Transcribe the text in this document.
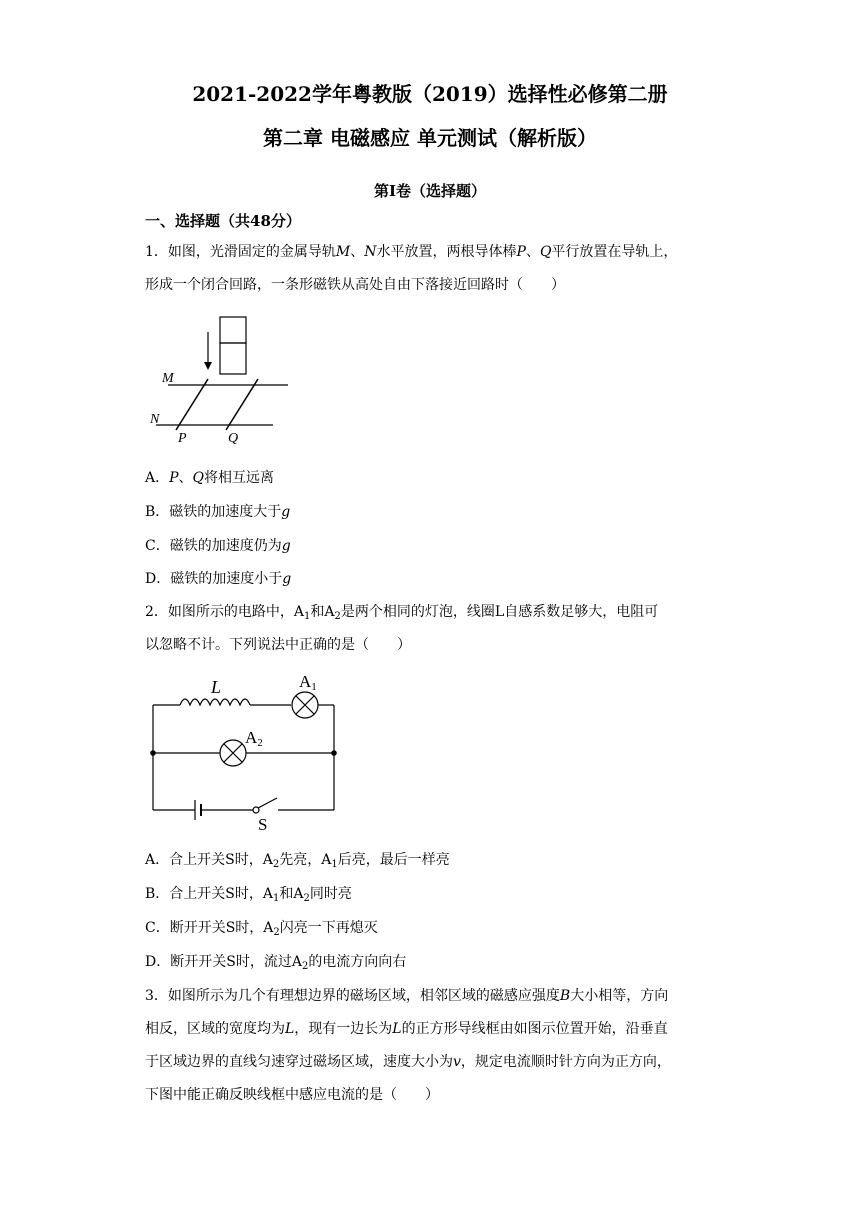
2021-2022学年粤教版（2019）选择性必修第二册
第二章 电磁感应 单元测试（解析版）
第Ⅰ卷（选择题）
一、选择题（共48分）
1．如图，光滑固定的金属导轨M、N水平放置，两根导体棒P、Q平行放置在导轨上，
形成一个闭合回路，一条形磁铁从高处自由下落接近回路时（　　）
M
N
P	Q
A．P、Q将相互远离
B．磁铁的加速度大于g
C．磁铁的加速度仍为g
D．磁铁的加速度小于g
2．如图所示的电路中，$A_1$和$A_2$是两个相同的灯泡，线圈L自感系数足够大，电阻可
以忽略不计。下列说法中正确的是（　　）
L	A1
A2
S
A．合上开关S时，$A_2$先亮，$A_1$后亮，最后一样亮
B．合上开关S时，$A_1$和$A_2$同时亮
C．断开开关S时，$A_2$闪亮一下再熄灭
D．断开开关S时，流过$A_2$的电流方向向右
3．如图所示为几个有理想边界的磁场区域，相邻区域的磁感应强度B大小相等，方向
相反，区域的宽度均为L，现有一边长为L的正方形导线框由如图示位置开始，沿垂直
于区域边界的直线匀速穿过磁场区域，速度大小为v，规定电流顺时针方向为正方向，
下图中能正确反映线框中感应电流的是（　　）
